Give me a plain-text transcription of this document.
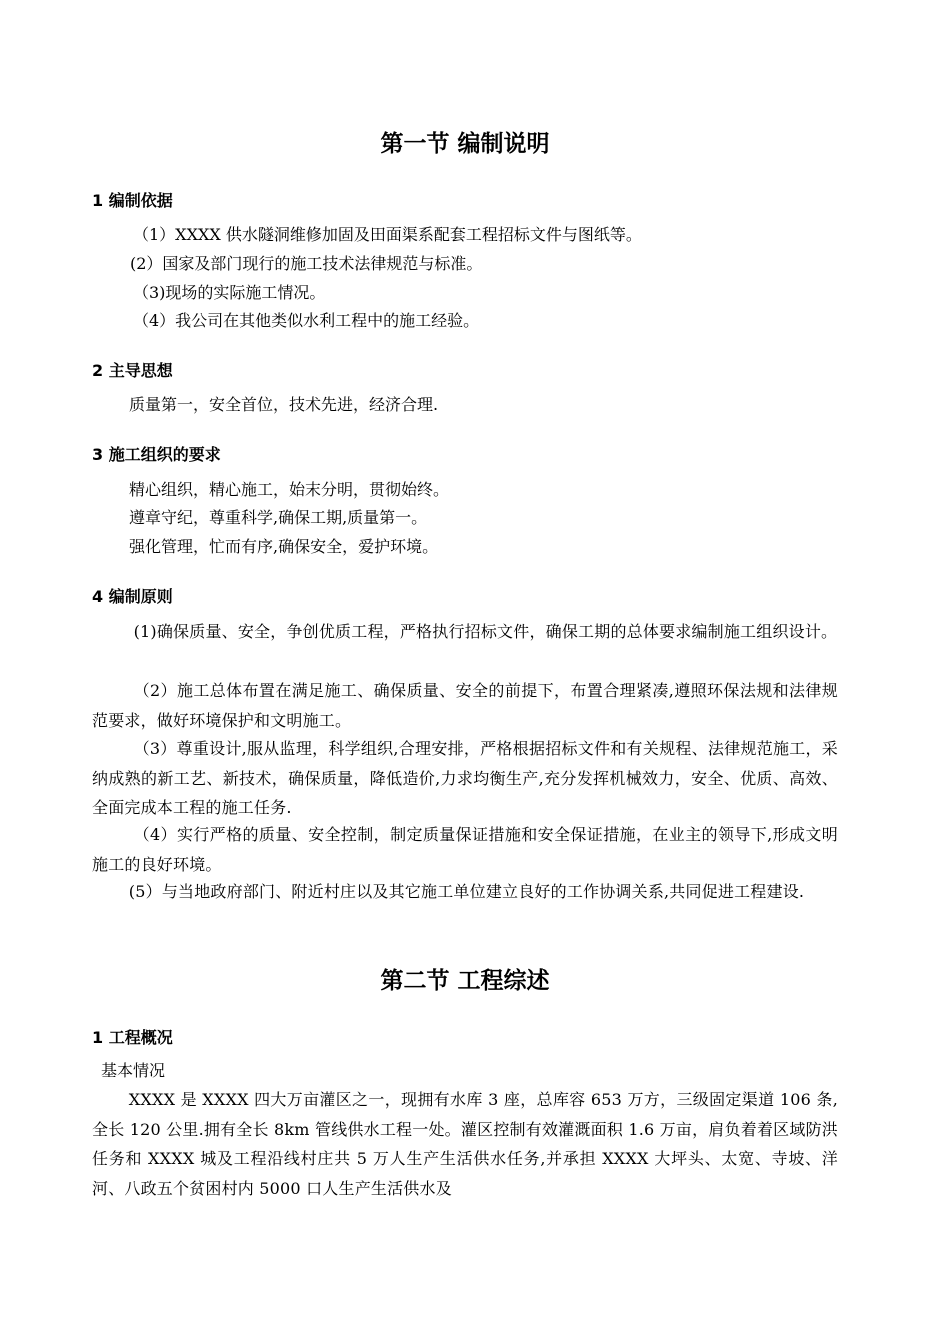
第一节 编制说明
1 编制依据

（1）XXXX 供水隧洞维修加固及田面渠系配套工程招标文件与图纸等。

(2）国家及部门现行的施工技术法律规范与标准。

（3)现场的实际施工情况。

（4）我公司在其他类似水利工程中的施工经验。

2 主导思想

质量第一，安全首位，技术先进，经济合理.

3 施工组织的要求

精心组织，精心施工，始末分明，贯彻始终。

遵章守纪，尊重科学,确保工期,质量第一。

强化管理，忙而有序,确保安全，爱护环境。

4 编制原则

(1)确保质量、安全，争创优质工程，严格执行招标文件，确保工期的总体要求编制施工组织设计。

（2）施工总体布置在满足施工、确保质量、安全的前提下，布置合理紧凑,遵照环保法规和法律规范要求，做好环境保护和文明施工。

（3）尊重设计,服从监理，科学组织,合理安排，严格根据招标文件和有关规程、法律规范施工，采纳成熟的新工艺、新技术，确保质量，降低造价,力求均衡生产,充分发挥机械效力，安全、优质、高效、全面完成本工程的施工任务.

（4）实行严格的质量、安全控制，制定质量保证措施和安全保证措施，在业主的领导下,形成文明施工的良好环境。

(5）与当地政府部门、附近村庄以及其它施工单位建立良好的工作协调关系,共同促进工程建设.

第二节 工程综述
1 工程概况

基本情况

XXXX 是 XXXX 四大万亩灌区之一，现拥有水库 3 座，总库容 653 万方，三级固定渠道 106 条,全长 120 公里.拥有全长 8km 管线供水工程一处。灌区控制有效灌溉面积 1.6 万亩，肩负着着区域防洪任务和 XXXX 城及工程沿线村庄共 5 万人生产生活供水任务,并承担 XXXX 大坪头、太宽、寺坡、洋河、八政五个贫困村内 5000 口人生产生活供水及
